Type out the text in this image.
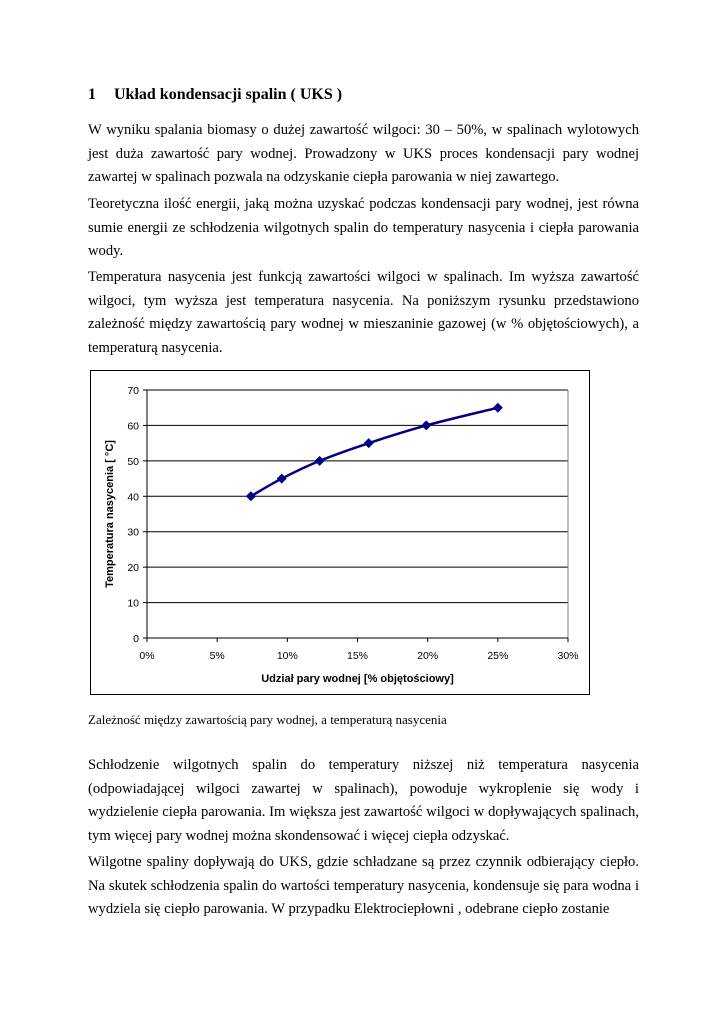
1 Układ kondensacji spalin ( UKS )

W wyniku spalania biomasy o dużej zawartość wilgoci: 30 – 50%, w spalinach wylotowych jest duża zawartość pary wodnej. Prowadzony w UKS proces kondensacji pary wodnej zawartej w spalinach pozwala na odzyskanie ciepła parowania w niej zawartego.

Teoretyczna ilość energii, jaką można uzyskać podczas kondensacji pary wodnej, jest równa sumie energii ze schłodzenia wilgotnych spalin do temperatury nasycenia i ciepła parowania wody.

Temperatura nasycenia jest funkcją zawartości wilgoci w spalinach. Im wyższa zawartość wilgoci, tym wyższa jest temperatura nasycenia. Na poniższym rysunku przedstawiono zależność między zawartością pary wodnej w mieszaninie gazowej (w % objętościowych), a temperaturą nasycenia.

0
10
20
30
40
50
60
70
0%	5%	10%	15%	20%	25%	30%
Udział pary wodnej [% objętościowy]
Temperatura nasycenia [ °C]
Zależność między zawartością pary wodnej, a temperaturą nasycenia

Schłodzenie wilgotnych spalin do temperatury niższej niż temperatura nasycenia (odpowiadającej wilgoci zawartej w spalinach), powoduje wykroplenie się wody i wydzielenie ciepła parowania. Im większa jest zawartość wilgoci w dopływających spalinach, tym więcej pary wodnej można skondensować i więcej ciepła odzyskać.

Wilgotne spaliny dopływają do UKS, gdzie schładzane są przez czynnik odbierający ciepło. Na skutek schłodzenia spalin do wartości temperatury nasycenia, kondensuje się para wodna i wydziela się ciepło parowania. W przypadku Elektrociepłowni , odebrane ciepło zostanie
